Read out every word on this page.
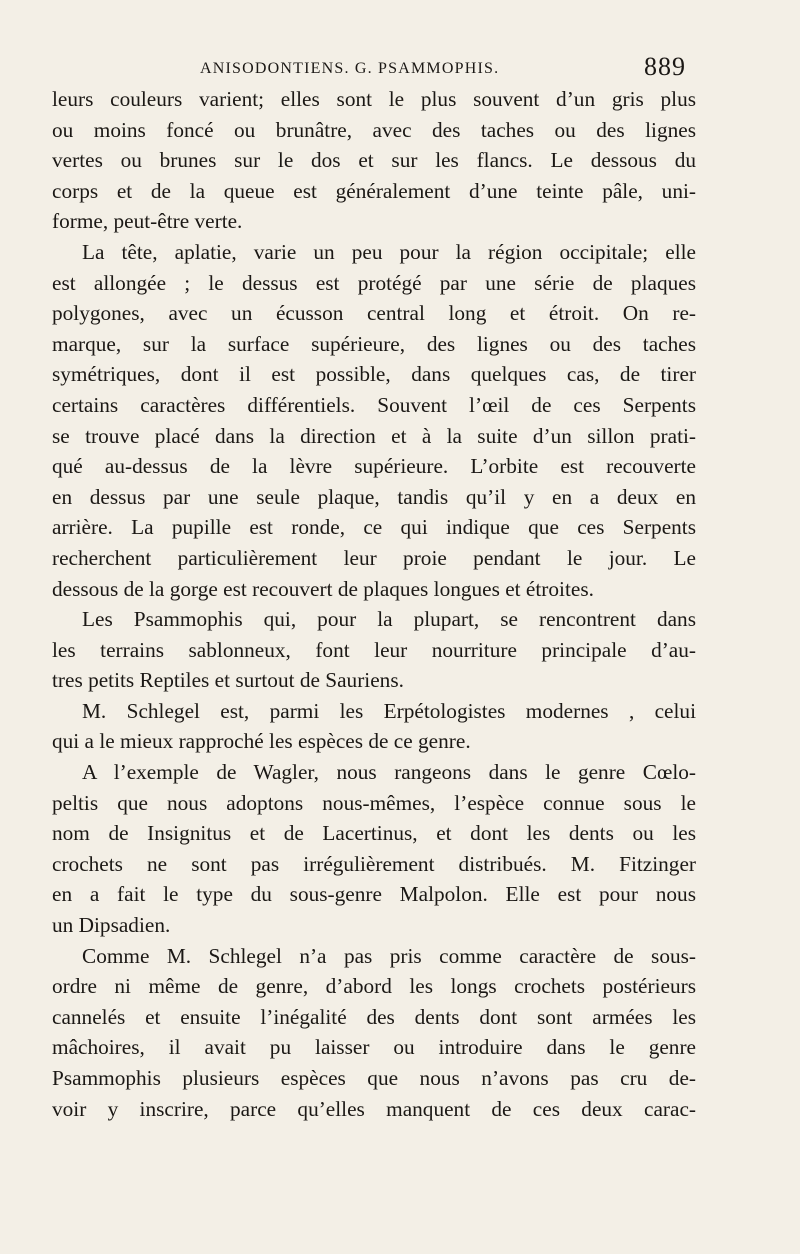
ANISODONTIENS. G. PSAMMOPHIS.	889
leurs couleurs varient; elles sont le plus souvent d’un gris plus
ou moins foncé ou brunâtre, avec des taches ou des lignes
vertes ou brunes sur le dos et sur les flancs. Le dessous du
corps et de la queue est généralement d’une teinte pâle, uni-
forme, peut-être verte.
La tête, aplatie, varie un peu pour la région occipitale; elle
est allongée ; le dessus est protégé par une série de plaques
polygones, avec un écusson central long et étroit. On re-
marque, sur la surface supérieure, des lignes ou des taches
symétriques, dont il est possible, dans quelques cas, de tirer
certains caractères différentiels. Souvent l’œil de ces Serpents
se trouve placé dans la direction et à la suite d’un sillon prati-
qué au-dessus de la lèvre supérieure. L’orbite est recouverte
en dessus par une seule plaque, tandis qu’il y en a deux en
arrière. La pupille est ronde, ce qui indique que ces Serpents
recherchent particulièrement leur proie pendant le jour. Le
dessous de la gorge est recouvert de plaques longues et étroites.
Les Psammophis qui, pour la plupart, se rencontrent dans
les terrains sablonneux, font leur nourriture principale d’au-
tres petits Reptiles et surtout de Sauriens.
M. Schlegel est, parmi les Erpétologistes modernes , celui
qui a le mieux rapproché les espèces de ce genre.
A l’exemple de Wagler, nous rangeons dans le genre Cœlo-
peltis que nous adoptons nous-mêmes, l’espèce connue sous le
nom de Insignitus et de Lacertinus, et dont les dents ou les
crochets ne sont pas irrégulièrement distribués. M. Fitzinger
en a fait le type du sous-genre Malpolon. Elle est pour nous
un Dipsadien.
Comme M. Schlegel n’a pas pris comme caractère de sous-
ordre ni même de genre, d’abord les longs crochets postérieurs
cannelés et ensuite l’inégalité des dents dont sont armées les
mâchoires, il avait pu laisser ou introduire dans le genre
Psammophis plusieurs espèces que nous n’avons pas cru de-
voir y inscrire, parce qu’elles manquent de ces deux carac-
